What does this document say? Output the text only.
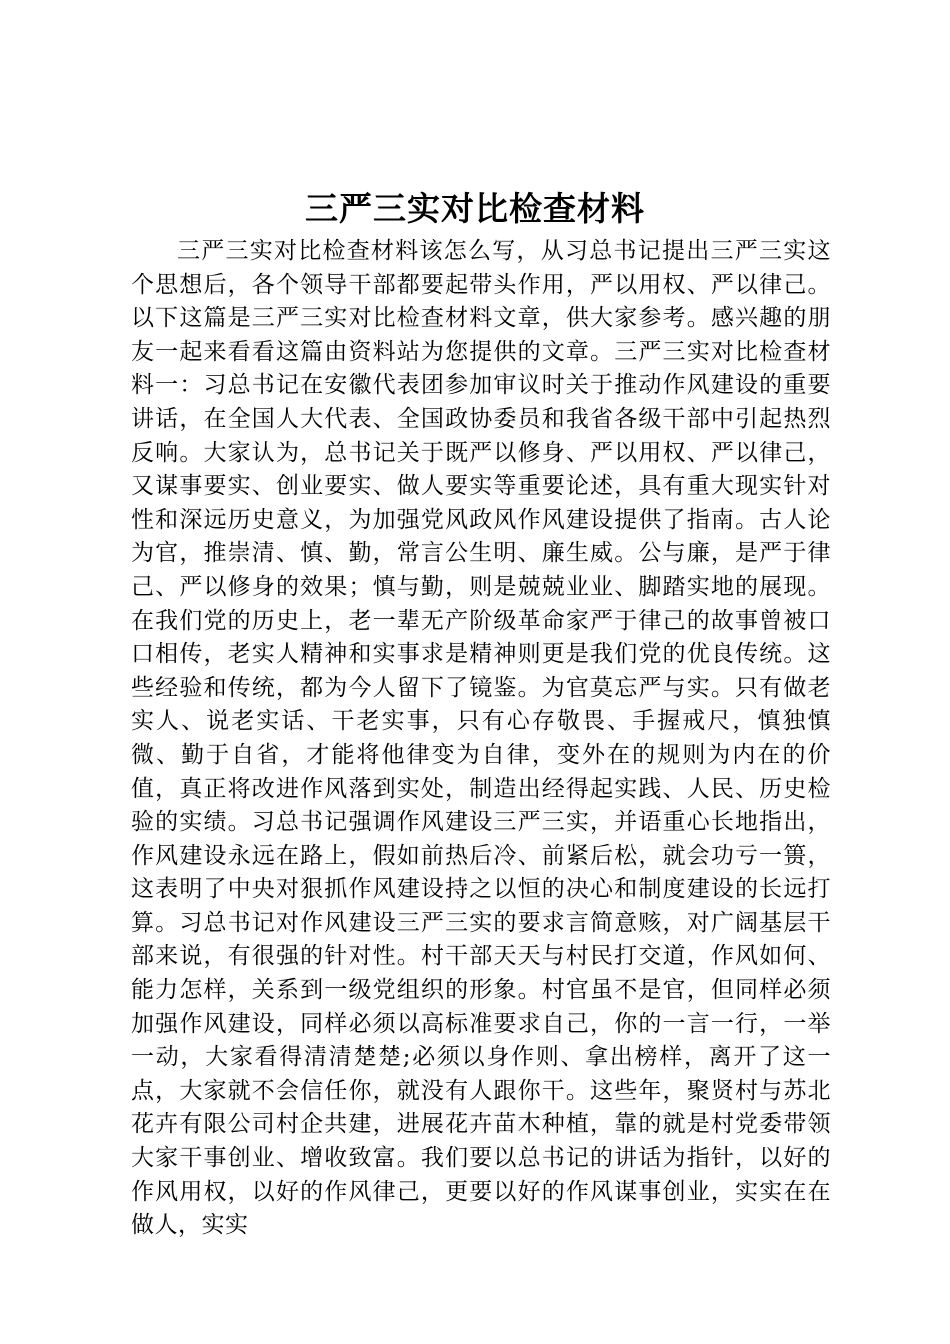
三严三实对比检查材料

三严三实对比检查材料该怎么写，从习总书记提出三严三实这个思想后，各个领导干部都要起带头作用，严以用权、严以律己。以下这篇是三严三实对比检查材料文章，供大家参考。感兴趣的朋友一起来看看这篇由资料站为您提供的文章。三严三实对比检查材料一：习总书记在安徽代表团参加审议时关于推动作风建设的重要讲话，在全国人大代表、全国政协委员和我省各级干部中引起热烈反响。大家认为，总书记关于既严以修身、严以用权、严以律己，又谋事要实、创业要实、做人要实等重要论述，具有重大现实针对性和深远历史意义，为加强党风政风作风建设提供了指南。古人论为官，推崇清、慎、勤，常言公生明、廉生威。公与廉，是严于律己、严以修身的效果；慎与勤，则是兢兢业业、脚踏实地的展现。在我们党的历史上，老一辈无产阶级革命家严于律己的故事曾被口口相传，老实人精神和实事求是精神则更是我们党的优良传统。这些经验和传统，都为今人留下了镜鉴。为官莫忘严与实。只有做老实人、说老实话、干老实事，只有心存敬畏、手握戒尺，慎独慎微、勤于自省，才能将他律变为自律，变外在的规则为内在的价值，真正将改进作风落到实处，制造出经得起实践、人民、历史检验的实绩。习总书记强调作风建设三严三实，并语重心长地指出，作风建设永远在路上，假如前热后冷、前紧后松，就会功亏一篑，这表明了中央对狠抓作风建设持之以恒的决心和制度建设的长远打算。习总书记对作风建设三严三实的要求言简意赅，对广阔基层干部来说，有很强的针对性。村干部天天与村民打交道，作风如何、能力怎样，关系到一级党组织的形象。村官虽不是官，但同样必须加强作风建设，同样必须以高标准要求自己，你的一言一行，一举一动，大家看得清清楚楚;必须以身作则、拿出榜样，离开了这一点，大家就不会信任你，就没有人跟你干。这些年，聚贤村与苏北花卉有限公司村企共建，进展花卉苗木种植，靠的就是村党委带领大家干事创业、增收致富。我们要以总书记的讲话为指针，以好的作风用权，以好的作风律己，更要以好的作风谋事创业，实实在在做人，实实
